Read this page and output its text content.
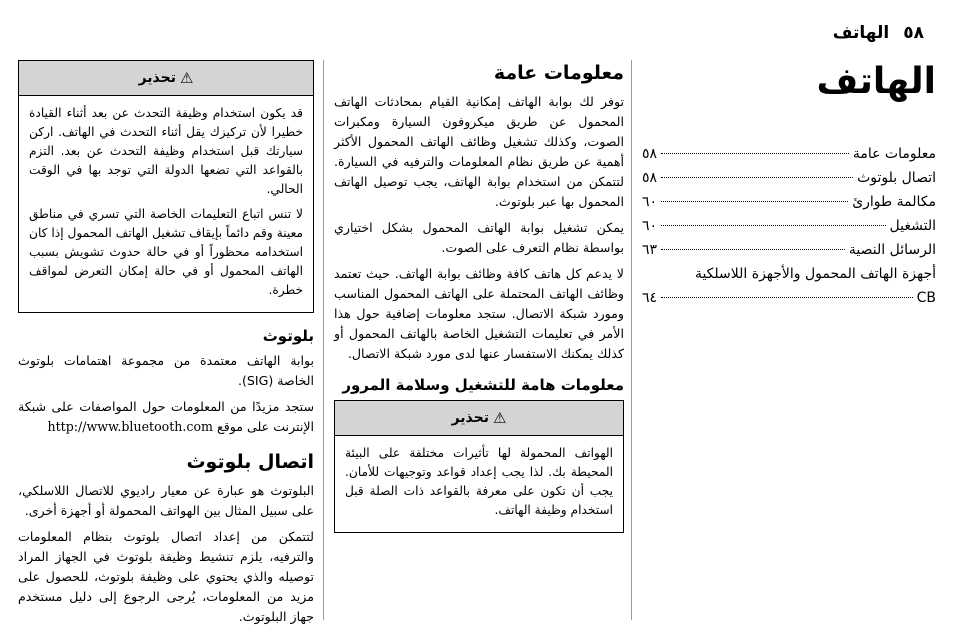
٥٨
الهاتف
الهاتف
معلومات عامة
٥٨
اتصال بلوتوث
٥٨
مكالمة طوارئ
٦٠
التشغيل
٦٠
الرسائل النصية
٦٣
أجهزة الهاتف المحمول والأجهزة اللاسلكية
CB
٦٤
معلومات عامة

توفر لك بوابة الهاتف إمكانية القيام بمحادثات الهاتف المحمول عن طريق ميكروفون السيارة ومكبرات الصوت، وكذلك تشغيل وظائف الهاتف المحمول الأكثر أهمية عن طريق نظام المعلومات والترفيه في السيارة. لتتمكن من استخدام بوابة الهاتف، يجب توصيل الهاتف المحمول بها عبر بلوتوث.

يمكن تشغيل بوابة الهاتف المحمول بشكل اختياري بواسطة نظام التعرف على الصوت.

لا يدعم كل هاتف كافة وظائف بوابة الهاتف. حيث تعتمد وظائف الهاتف المحتملة على الهاتف المحمول المناسب ومورد شبكة الاتصال. ستجد معلومات إضافية حول هذا الأمر في تعليمات التشغيل الخاصة بالهاتف المحمول أو كذلك يمكنك الاستفسار عنها لدى مورد شبكة الاتصال.

معلومات هامة للتشغيل وسلامة المرور
⚠
تحذير

الهواتف المحمولة لها تأثيرات مختلفة على البيئة المحيطة بك. لذا يجب إعداد قواعد وتوجيهات للأمان. يجب أن تكون على معرفة بالقواعد ذات الصلة قبل استخدام وظيفة الهاتف.

⚠
تحذير

قد يكون استخدام وظيفة التحدث عن بعد أثناء القيادة خطيرا لأن تركيزك يقل أثناء التحدث في الهاتف. اركن سيارتك قبل استخدام وظيفة التحدث عن بعد. التزم بالقواعد التي تضعها الدولة التي توجد بها في الوقت الحالي.

لا تنس اتباع التعليمات الخاصة التي تسري في مناطق معينة وقم دائماً بإيقاف تشغيل الهاتف المحمول إذا كان استخدامه محظوراً أو في حالة حدوث تشويش بسبب الهاتف المحمول أو في حالة إمكان التعرض لمواقف خطرة.

بلوتوث

بوابة الهاتف معتمدة من مجموعة اهتمامات بلوتوث الخاصة (SIG).

ستجد مزيدًا من المعلومات حول المواصفات على شبكة الإنترنت على موقع http://www.bluetooth.com

اتصال بلوتوث

البلوتوث هو عبارة عن معيار راديوي للاتصال اللاسلكي، على سبيل المثال بين الهواتف المحمولة أو أجهزة أخرى.

لتتمكن من إعداد اتصال بلوتوث بنظام المعلومات والترفيه، يلزم تنشيط وظيفة بلوتوث في الجهاز المراد توصيله والذي يحتوي على وظيفة بلوتوث، للحصول على مزيد من المعلومات، يُرجى الرجوع إلى دليل مستخدم جهاز البلوتوث.
